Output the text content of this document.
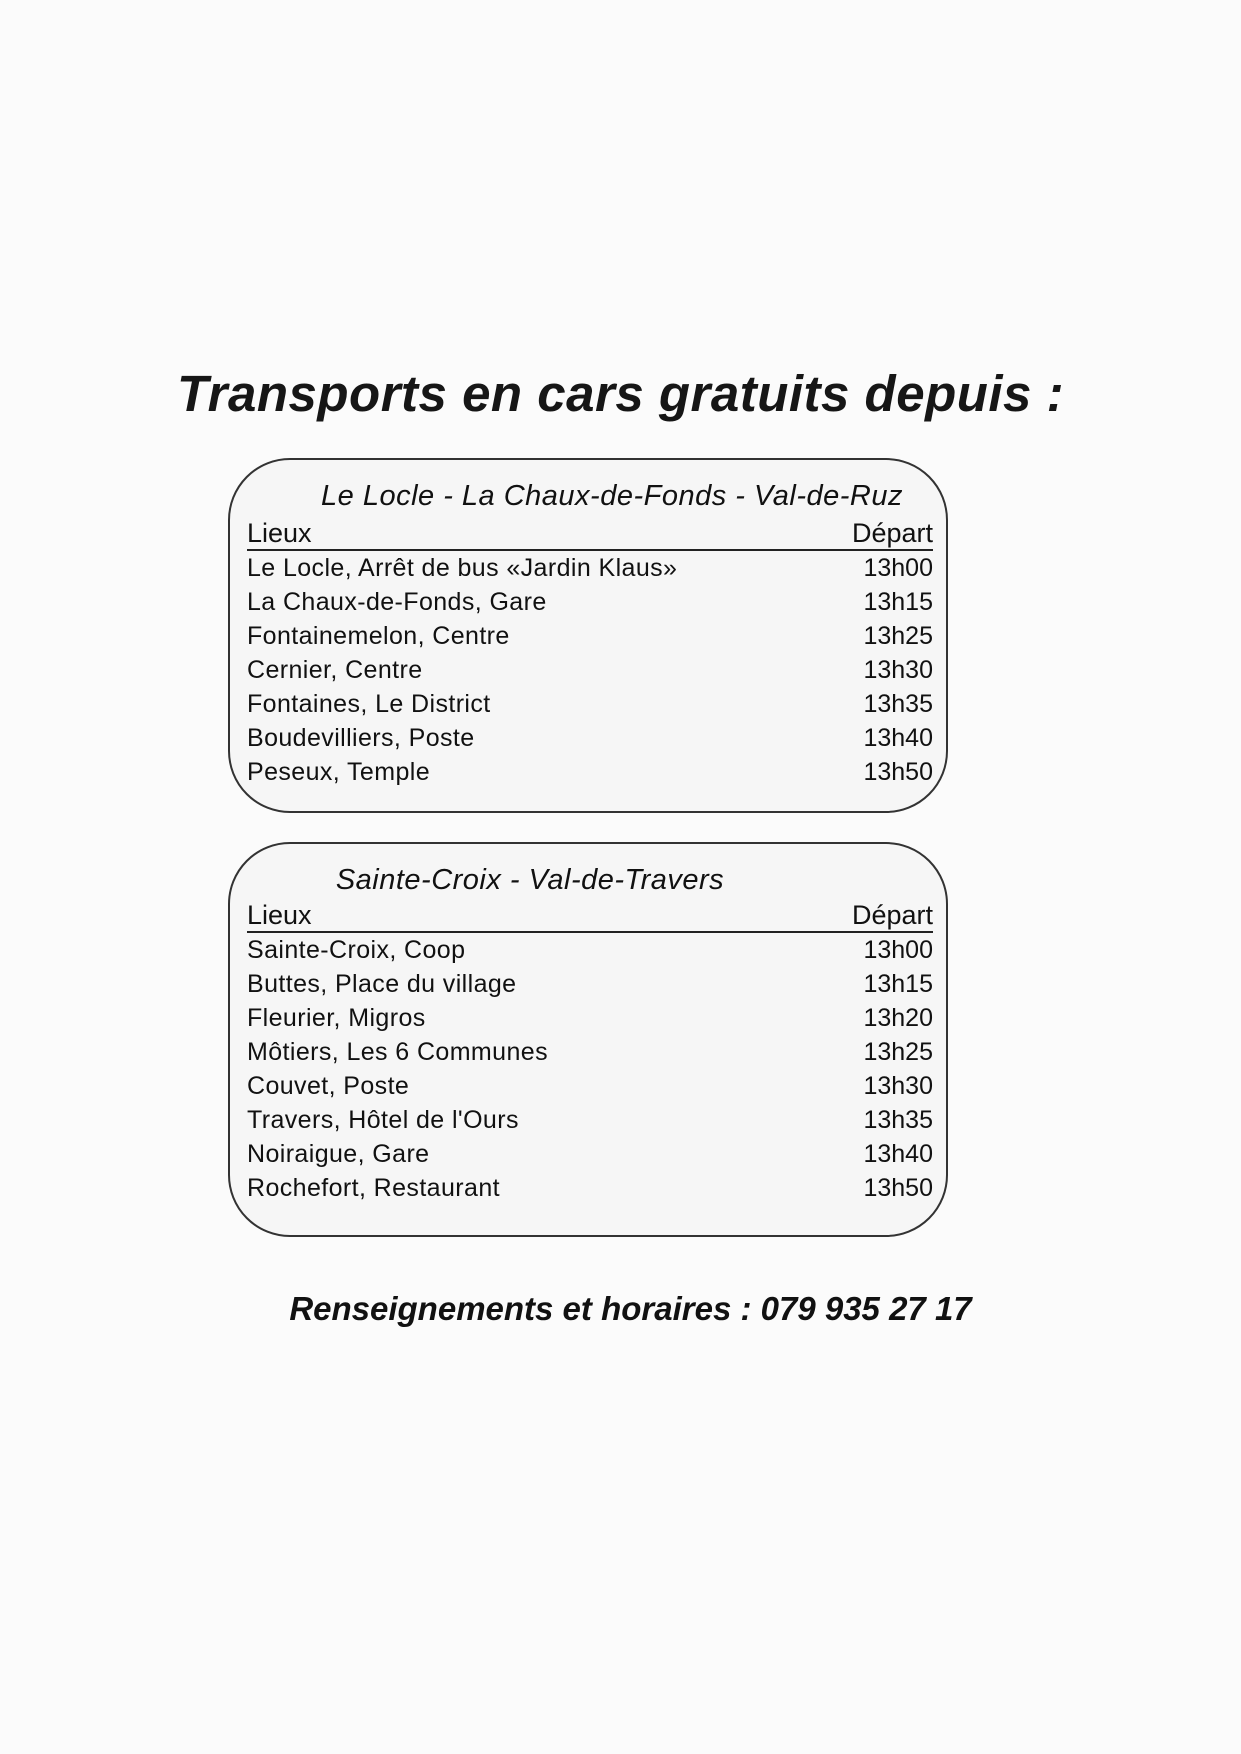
Transports en cars gratuits depuis :
Le Locle - La Chaux-de-Fonds - Val-de-Ruz
Lieux	Départ
Le Locle, Arrêt de bus «Jardin Klaus»	13h00
La Chaux-de-Fonds, Gare	13h15
Fontainemelon, Centre	13h25
Cernier, Centre	13h30
Fontaines, Le District	13h35
Boudevilliers, Poste	13h40
Peseux, Temple	13h50
Sainte-Croix - Val-de-Travers
Lieux	Départ
Sainte-Croix, Coop	13h00
Buttes, Place du village	13h15
Fleurier, Migros	13h20
Môtiers, Les 6 Communes	13h25
Couvet, Poste	13h30
Travers, Hôtel de l'Ours	13h35
Noiraigue, Gare	13h40
Rochefort, Restaurant	13h50
Renseignements et horaires : 079 935 27 17
